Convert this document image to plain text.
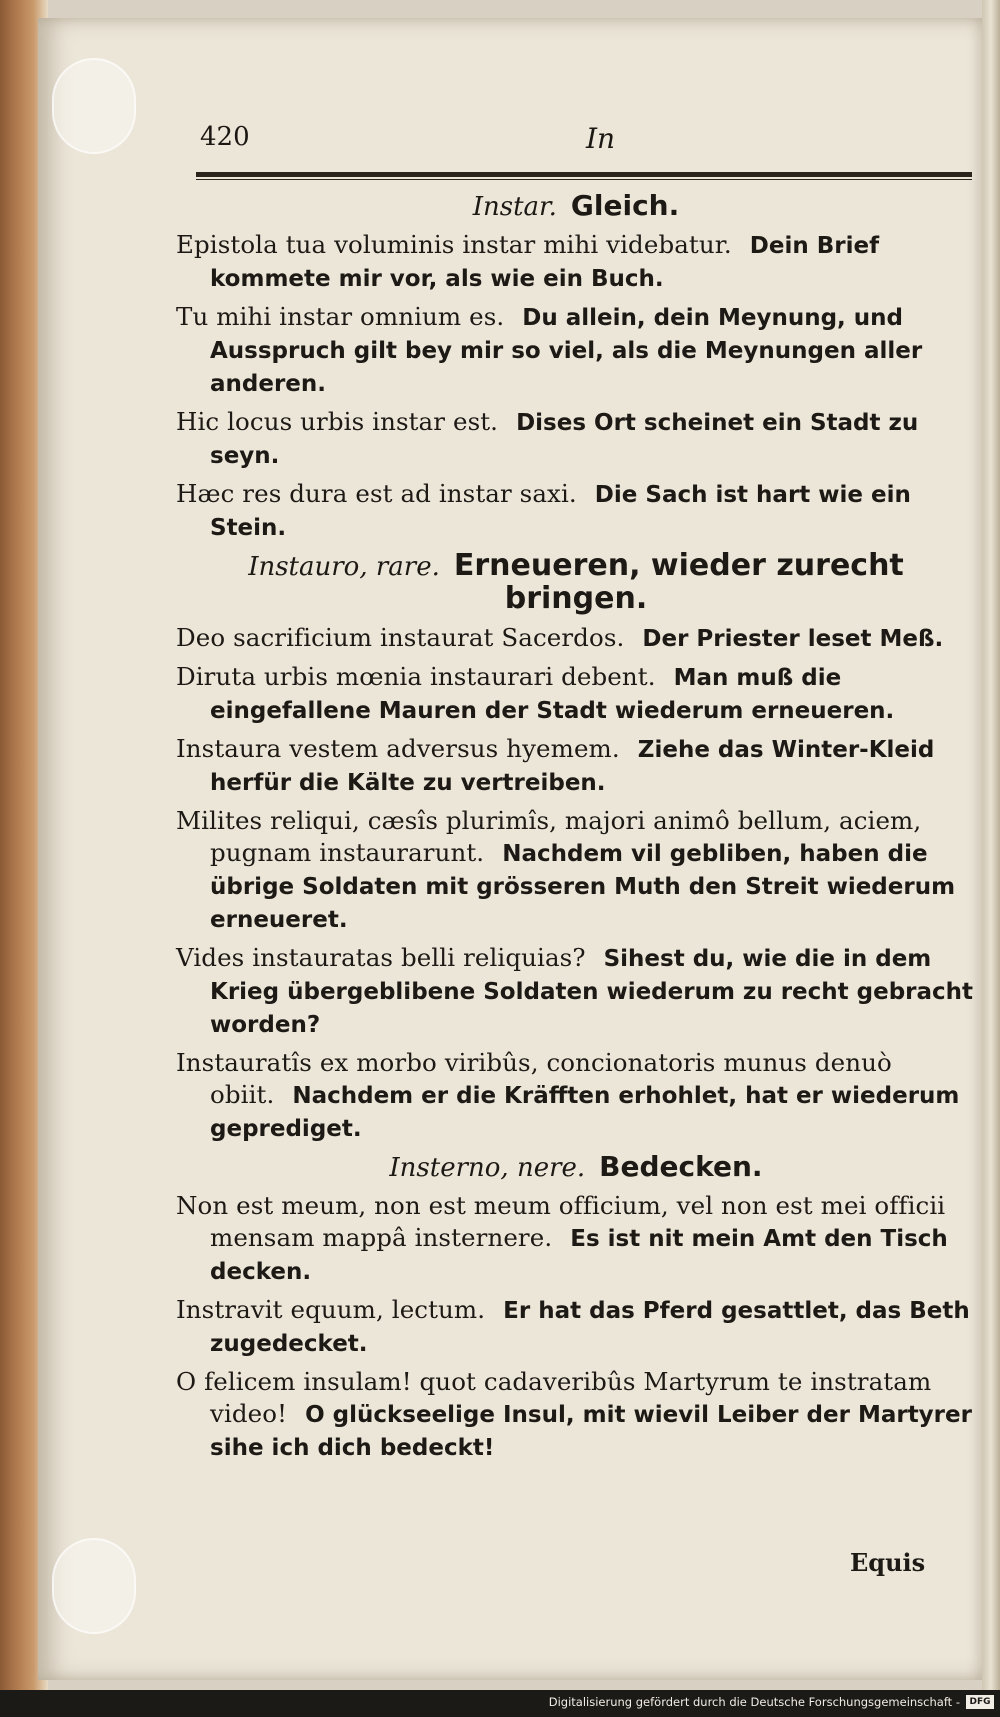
420	In
Instar. Gleich.
Epistola tua voluminis instar mihi videbatur. Dein Brief kommete mir vor, als wie ein Buch.
Tu mihi instar omnium es. Du allein, dein Meynung, und Ausspruch gilt bey mir so viel, als die Meynungen aller anderen.
Hic locus urbis instar est. Dises Ort scheinet ein Stadt zu seyn.
Hæc res dura est ad instar saxi. Die Sach ist hart wie ein Stein.
Instauro, rare. Erneueren, wieder zurecht bringen.
Deo sacrificium instaurat Sacerdos. Der Priester leset Meß.
Diruta urbis mœnia instaurari debent. Man muß die eingefallene Mauren der Stadt wiederum erneueren.
Instaura vestem adversus hyemem. Ziehe das Winter-Kleid herfür die Kälte zu vertreiben.
Milites reliqui, cæsîs plurimîs, majori animô bellum, aciem, pugnam instaurarunt. Nachdem vil gebliben, haben die übrige Soldaten mit grösseren Muth den Streit wiederum erneueret.
Vides instauratas belli reliquias? Sihest du, wie die in dem Krieg übergeblibene Soldaten wiederum zu recht gebracht worden?
Instauratîs ex morbo viribûs, concionatoris munus denuò obiit. Nachdem er die Kräfften erhohlet, hat er wiederum geprediget.
Insterno, nere. Bedecken.
Non est meum, non est meum officium, vel non est mei officii mensam mappâ insternere. Es ist nit mein Amt den Tisch decken.
Instravit equum, lectum. Er hat das Pferd gesattlet, das Beth zugedecket.
O felicem insulam! quot cadaveribûs Martyrum te instratam video! O glückseelige Insul, mit wievil Leiber der Martyrer sihe ich dich bedeckt!
Equis
Digitalisierung gefördert durch die Deutsche Forschungsgemeinschaft -	DFG
